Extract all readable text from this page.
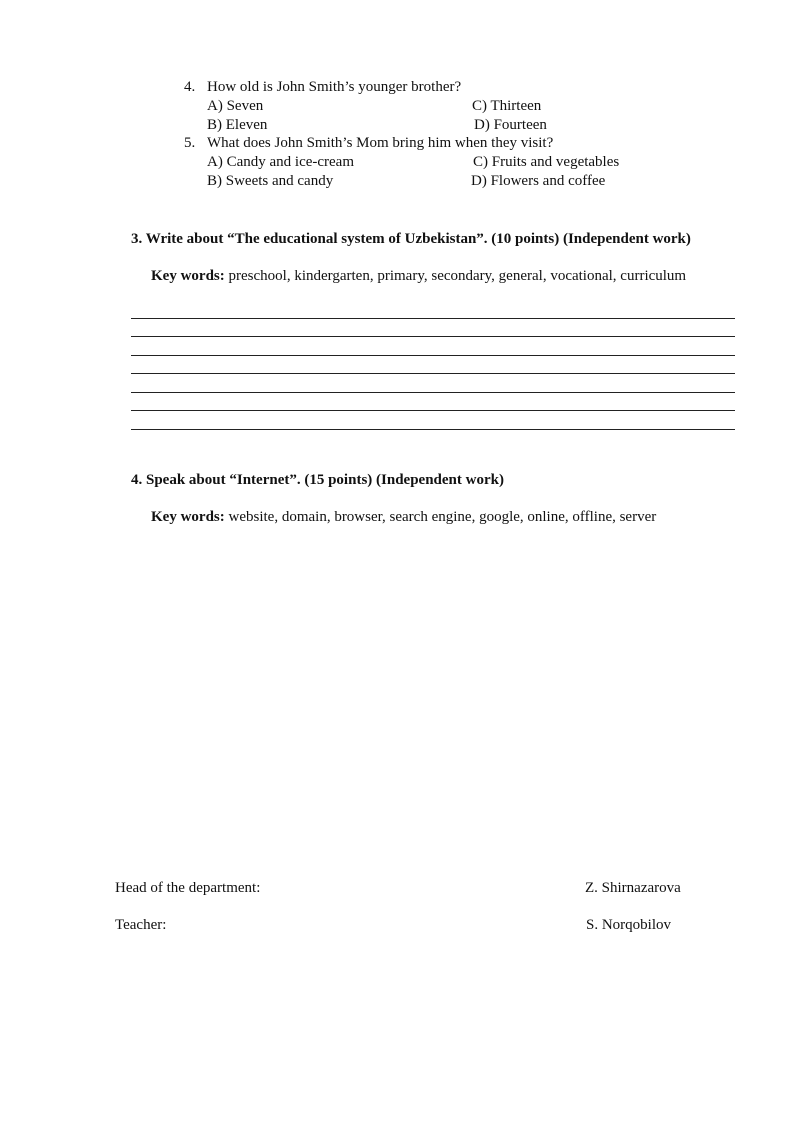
4. How old is John Smith’s younger brother?
A) Seven	C) Thirteen
B) Eleven	D) Fourteen
5. What does John Smith’s Mom bring him when they visit?
A) Candy and ice-cream	C) Fruits and vegetables
B) Sweets and candy	D) Flowers and coffee
3. Write about “The educational system of Uzbekistan”. (10 points) (Independent work)
Key words: preschool, kindergarten, primary, secondary, general, vocational, curriculum
4. Speak about “Internet”. (15 points) (Independent work)
Key words: website, domain, browser, search engine, google, online, offline, server
Head of the department:	Z. Shirnazarova
Teacher:	S. Norqobilov
